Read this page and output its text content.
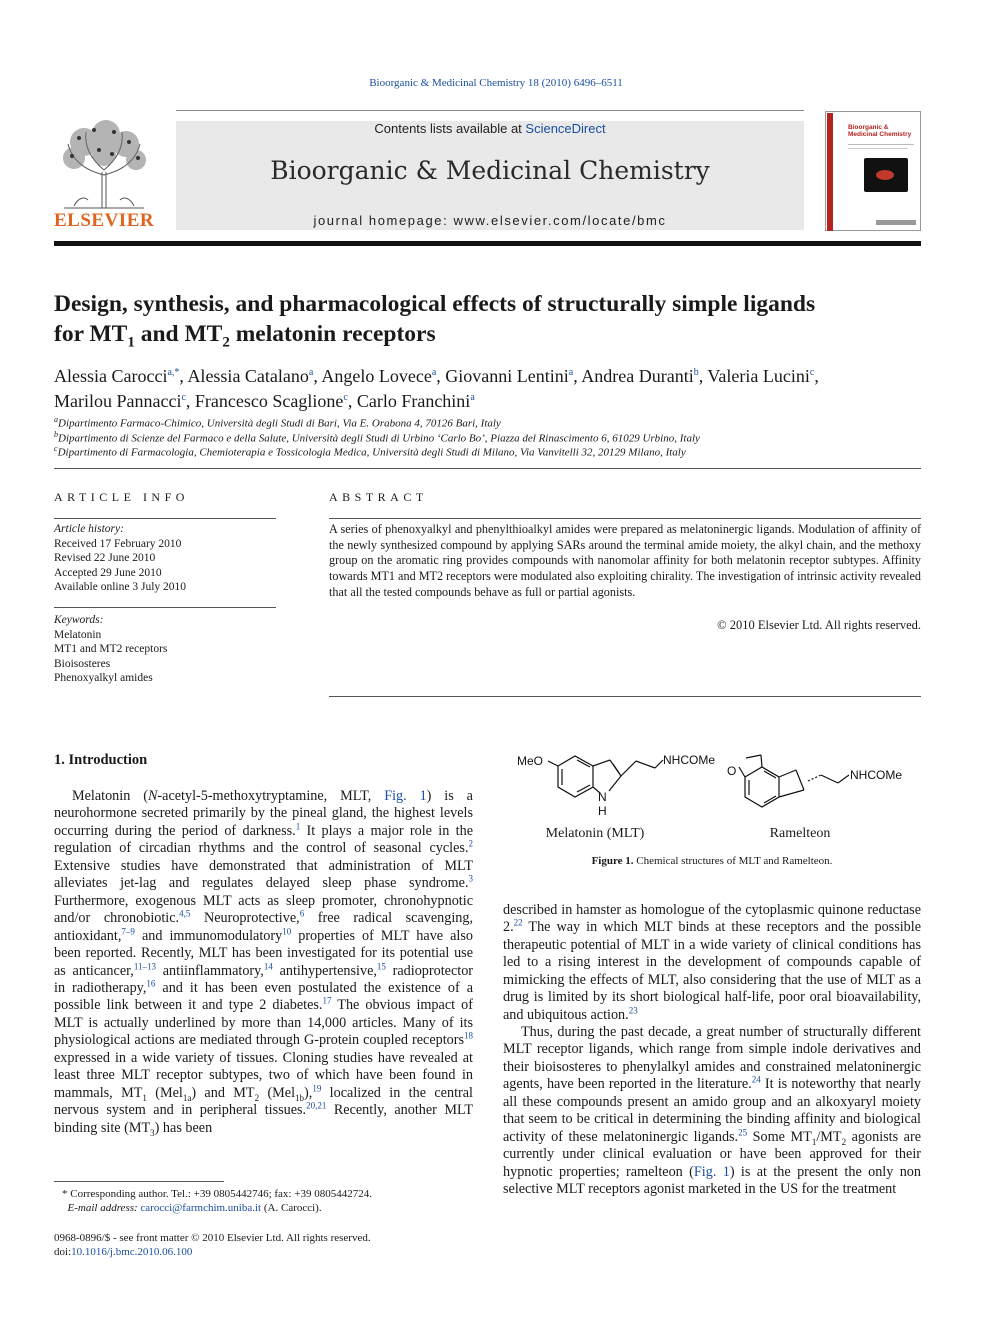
Bioorganic & Medicinal Chemistry 18 (2010) 6496–6511
ELSEVIER
Contents lists available at ScienceDirect
Bioorganic & Medicinal Chemistry
journal homepage: www.elsevier.com/locate/bmc
Bioorganic & Medicinal Chemistry
Design, synthesis, and pharmacological effects of structurally simple ligands
for $MT_1$ and $MT_2$ melatonin receptors
Alessia Carocci$^{a,*}$, Alessia Catalano$^a$, Angelo Lovece$^a$, Giovanni Lentini$^a$, Andrea Duranti$^b$, Valeria Lucini$^c$,
Marilou Pannacci$^c$, Francesco Scaglione$^c$, Carlo Franchini$^a$
$^a$Dipartimento Farmaco-Chimico, Università degli Studi di Bari, Via E. Orabona 4, 70126 Bari, Italy
$^b$Dipartimento di Scienze del Farmaco e della Salute, Università degli Studi di Urbino ‘Carlo Bo’, Piazza del Rinascimento 6, 61029 Urbino, Italy
$^c$Dipartimento di Farmacologia, Chemioterapia e Tossicologia Medica, Università degli Studi di Milano, Via Vanvitelli 32, 20129 Milano, Italy
ARTICLE INFO
Article history:
Received 17 February 2010
Revised 22 June 2010
Accepted 29 June 2010
Available online 3 July 2010
Keywords:
Melatonin
MT1 and MT2 receptors
Bioisosteres
Phenoxyalkyl amides
ABSTRACT
A series of phenoxyalkyl and phenylthioalkyl amides were prepared as melatoninergic ligands. Modulation of affinity of the newly synthesized compound by applying SARs around the terminal amide moiety, the alkyl chain, and the methoxy group on the aromatic ring provides compounds with nanomolar affinity for both melatonin receptor subtypes. Affinity towards MT1 and MT2 receptors were modulated also exploiting chirality. The investigation of intrinsic activity revealed that all the tested compounds behave as full or partial agonists.
© 2010 Elsevier Ltd. All rights reserved.
1. Introduction
Melatonin (N-acetyl-5-methoxytryptamine, MLT, Fig. 1) is a neurohormone secreted primarily by the pineal gland, the highest levels occurring during the period of darkness.$^1$ It plays a major role in the regulation of circadian rhythms and the control of seasonal cycles.$^2$ Extensive studies have demonstrated that administration of MLT alleviates jet-lag and regulates delayed sleep phase syndrome.$^3$ Furthermore, exogenous MLT acts as sleep promoter, chronohypnotic and/or chronobiotic.$^{4,5}$ Neuroprotective,$^6$ free radical scavenging, antioxidant,$^{7-9}$ and immunomodulatory$^{10}$ properties of MLT have also been reported. Recently, MLT has been investigated for its potential use as anticancer,$^{11-13}$ antiinflammatory,$^{14}$ antihypertensive,$^{15}$ radioprotector in radiotherapy,$^{16}$ and it has been even postulated the existence of a possible link between it and type 2 diabetes.$^{17}$ The obvious impact of MLT is actually underlined by more than 14,000 articles. Many of its physiological actions are mediated through G-protein coupled receptors$^{18}$ expressed in a wide variety of tissues. Cloning studies have revealed at least three MLT receptor subtypes, two of which have been found in mammals, $MT_1$ (Mel$_{1a}$) and $MT_2$ (Mel$_{1b}$),$^{19}$ localized in the central nervous system and in peripheral tissues.$^{20,21}$ Recently, another MLT binding site $(MT_3)$ has been
MeO	NHCOMe
N
H
O	NHCOMe
Melatonin (MLT)	Ramelteon
Figure 1. Chemical structures of MLT and Ramelteon.
described in hamster as homologue of the cytoplasmic quinone reductase 2.22 The way in which MLT binds at these receptors and the possible therapeutic potential of MLT in a wide variety of clinical conditions has led to a rising interest in the development of compounds capable of mimicking the effects of MLT, also considering that the use of MLT as a drug is limited by its short biological half-life, poor oral bioavailability, and ubiquitous action.$^{23}$
Thus, during the past decade, a great number of structurally different MLT receptor ligands, which range from simple indole derivatives and their bioisosteres to phenylalkyl amides and constrained melatoninergic agents, have been reported in the literature.$^{24}$ It is noteworthy that nearly all these compounds present an amido group and an alkoxyaryl moiety that seem to be critical in determining the binding affinity and biological activity of these melatoninergic ligands.$^{25}$ Some $MT_1/MT_2$ agonists are currently under clinical evaluation or have been approved for their hypnotic properties; ramelteon (Fig. 1) is at the present the only non selective MLT receptors agonist marketed in the US for the treatment
* Corresponding author. Tel.: +39 0805442746; fax: +39 0805442724.
E-mail address: carocci@farmchim.uniba.it (A. Carocci).
0968-0896/$ - see front matter © 2010 Elsevier Ltd. All rights reserved.
doi:10.1016/j.bmc.2010.06.100
